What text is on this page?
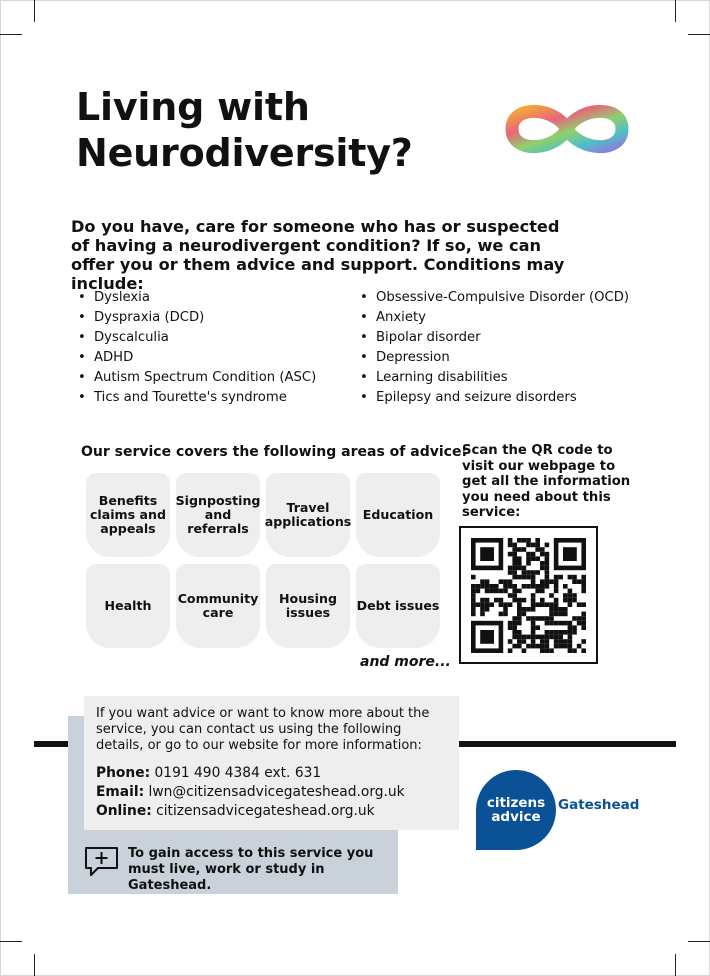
Living with
Neurodiversity?

Do you have, care for someone who has or suspected of having a neurodivergent condition? If so, we can offer you or them advice and support. Conditions may include:

• Dyslexia
• Dyspraxia (DCD)
• Dyscalculia
• ADHD
• Autism Spectrum Condition (ASC)
• Tics and Tourette's syndrome
• Obsessive-Compulsive Disorder (OCD)
• Anxiety
• Bipolar disorder
• Depression
• Learning disabilities
• Epilepsy and seizure disorders

Our service covers the following areas of advice:

Benefits claims and appeals
Signposting and referrals
Travel applications Education
Health	Community care
Housing issues	Debt issues
and more...
Scan the QR code to visit our webpage to get all the information you need about this service:
If you want advice or want to know more about the service, you can contact us using the following details, or go to our website for more information:
Phone: 0191 490 4384 ext. 631
Email: lwn@citizensadvicegateshead.org.uk
Online: citizensadvicegateshead.org.uk
To gain access to this service you must live, work or study in Gateshead.
citizens
advice
Gateshead
